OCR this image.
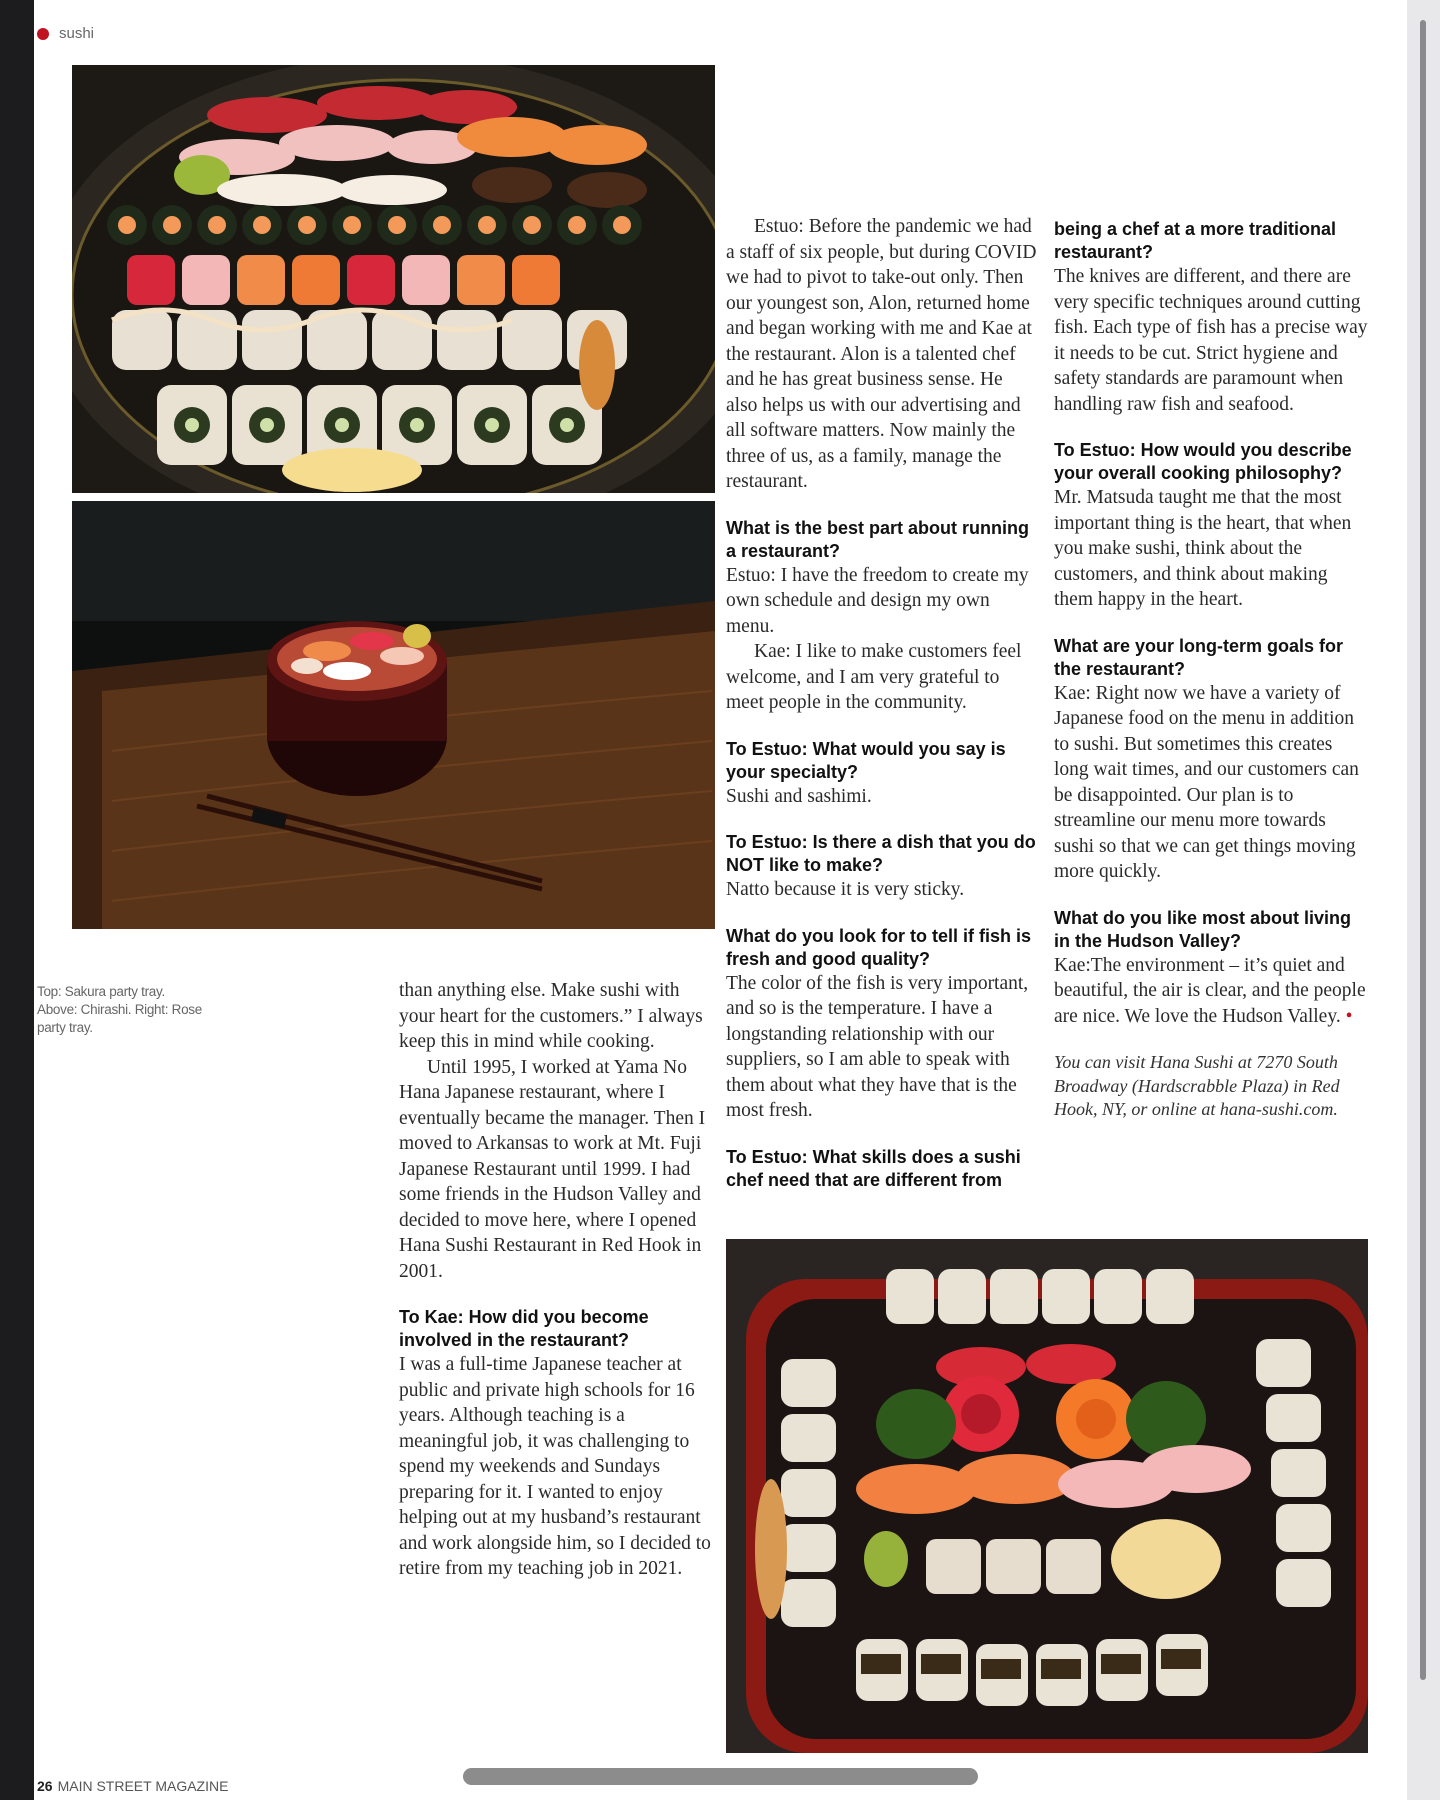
sushi
Top: Sakura party tray. Above: Chirashi. Right: Rose party tray.

than anything else. Make sushi with your heart for the customers.” I always keep this in mind while cooking.

Until 1995, I worked at Yama No Hana Japanese restaurant, where I eventually became the manager. Then I moved to Arkansas to work at Mt. Fuji Japanese Restaurant until 1999. I had some friends in the Hudson Valley and decided to move here, where I opened Hana Sushi Restaurant in Red Hook in 2001.

To Kae: How did you become involved in the restaurant?

I was a full-time Japanese teacher at public and private high schools for 16 years. Although teaching is a meaningful job, it was challenging to spend my weekends and Sundays preparing for it. I wanted to enjoy helping out at my husband’s restaurant and work alongside him, so I decided to retire from my teaching job in 2021.

Estuo: Before the pandemic we had a staff of six people, but during COVID we had to pivot to take-out only. Then our youngest son, Alon, returned home and began working with me and Kae at the restaurant. Alon is a talented chef and he has great business sense. He also helps us with our advertising and all software matters. Now mainly the three of us, as a family, manage the restaurant.

What is the best part about running a restaurant?

Estuo: I have the freedom to create my own schedule and design my own menu.

Kae: I like to make customers feel welcome, and I am very grateful to meet people in the community.

To Estuo: What would you say is your specialty?

Sushi and sashimi.

To Estuo: Is there a dish that you do NOT like to make?

Natto because it is very sticky.

What do you look for to tell if fish is fresh and good quality?

The color of the fish is very important, and so is the temperature. I have a longstanding relationship with our suppliers, so I am able to speak with them about what they have that is the most fresh.

To Estuo: What skills does a sushi chef need that are different from
being a chef at a more traditional restaurant?

The knives are different, and there are very specific techniques around cutting fish. Each type of fish has a precise way it needs to be cut. Strict hygiene and safety standards are paramount when handling raw fish and seafood.

To Estuo: How would you describe your overall cooking philosophy?

Mr. Matsuda taught me that the most important thing is the heart, that when you make sushi, think about the customers, and think about making them happy in the heart.

What are your long-term goals for the restaurant?

Kae: Right now we have a variety of Japanese food on the menu in addition to sushi. But sometimes this creates long wait times, and our customers can be disappointed. Our plan is to streamline our menu more towards sushi so that we can get things moving more quickly.

What do you like most about living in the Hudson Valley?

Kae:The environment – it’s quiet and beautiful, the air is clear, and the people are nice. We love the Hudson Valley. •

You can visit Hana Sushi at 7270 South Broadway (Hardscrabble Plaza) in Red Hook, NY, or online at hana-sushi.com.

26 MAIN STREET MAGAZINE
